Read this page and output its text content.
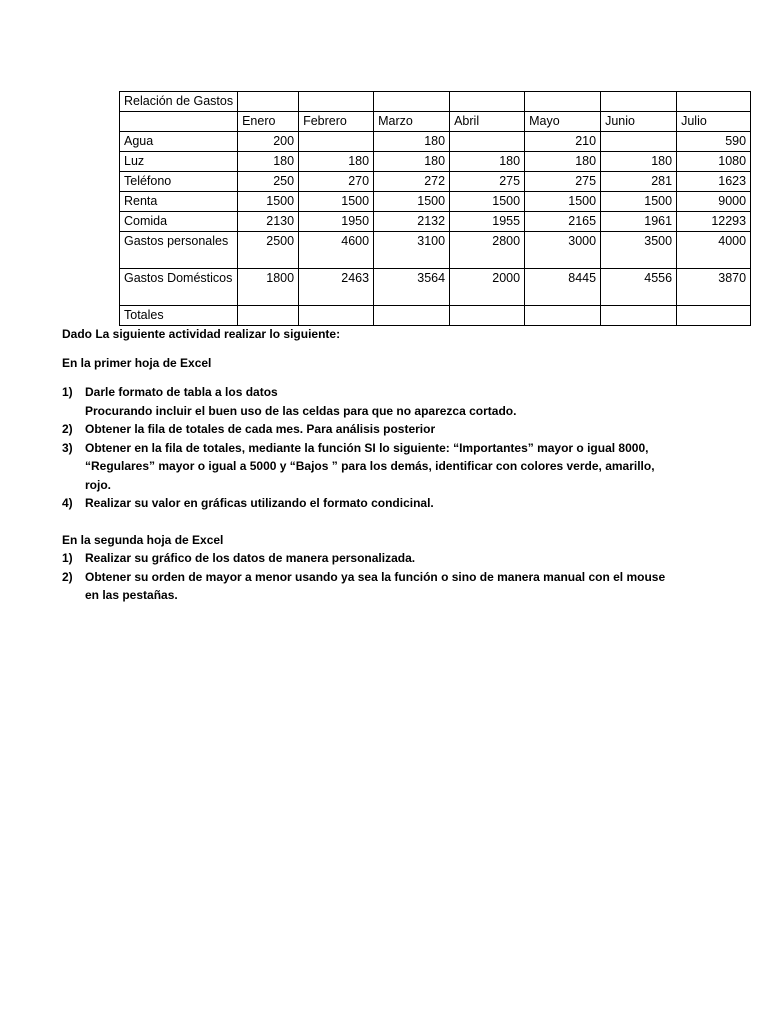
Relación de Gastos							
	Enero	Febrero	Marzo	Abril	Mayo	Junio	Julio
Agua	200		180		210		590
Luz	180	180	180	180	180	180	1080
Teléfono	250	270	272	275	275	281	1623
Renta	1500	1500	1500	1500	1500	1500	9000
Comida	2130	1950	2132	1955	2165	1961	12293
Gastos personales	2500	4600	3100	2800	3000	3500	4000
Gastos Domésticos	1800	2463	3564	2000	8445	4556	3870
Totales							

Dado La siguiente actividad realizar lo siguiente:

En la primer hoja de Excel

1) Darle formato de tabla a los datos
Procurando incluir el buen uso de las celdas para que no aparezca cortado.
2) Obtener la fila de totales de cada mes. Para análisis posterior
3) Obtener en la fila de totales, mediante la función SI lo siguiente: “Importantes” mayor o igual 8000,
“Regulares” mayor o igual a 5000 y “Bajos ” para los demás, identificar con colores verde, amarillo,
rojo.
4) Realizar su valor en gráficas utilizando el formato condicinal.

En la segunda hoja de Excel

1) Realizar su gráfico de los datos de manera personalizada.
2) Obtener su orden de mayor a menor usando ya sea la función o sino de manera manual con el mouse
en las pestañas.
